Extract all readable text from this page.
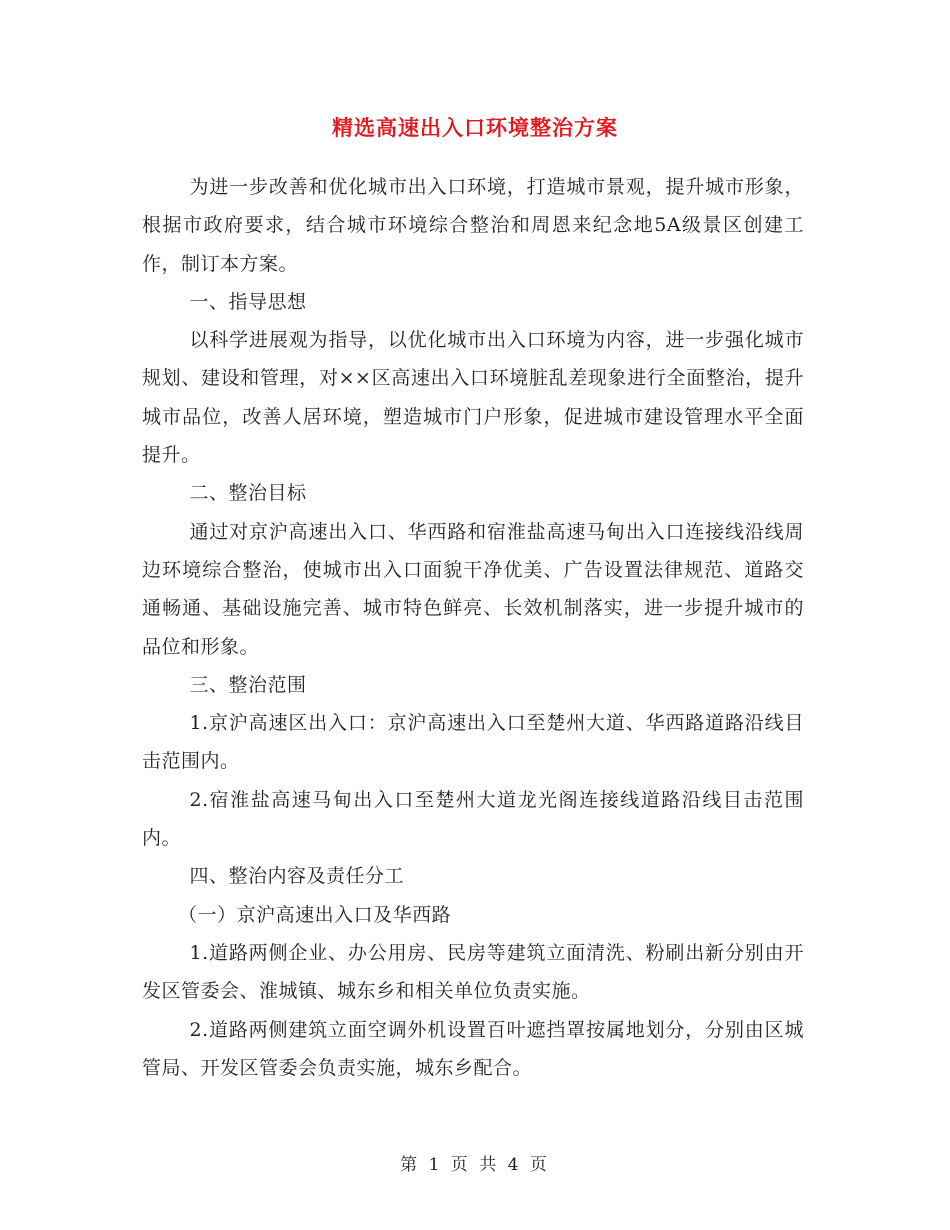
精选高速出入口环境整治方案

为进一步改善和优化城市出入口环境，打造城市景观，提升城市形象，根据市政府要求，结合城市环境综合整治和周恩来纪念地5A级景区创建工作，制订本方案。

一、指导思想

以科学进展观为指导，以优化城市出入口环境为内容，进一步强化城市规划、建设和管理，对××区高速出入口环境脏乱差现象进行全面整治，提升城市品位，改善人居环境，塑造城市门户形象，促进城市建设管理水平全面提升。

二、整治目标

通过对京沪高速出入口、华西路和宿淮盐高速马甸出入口连接线沿线周边环境综合整治，使城市出入口面貌干净优美、广告设置法律规范、道路交通畅通、基础设施完善、城市特色鲜亮、长效机制落实，进一步提升城市的品位和形象。

三、整治范围

1.京沪高速区出入口：京沪高速出入口至楚州大道、华西路道路沿线目击范围内。

2.宿淮盐高速马甸出入口至楚州大道龙光阁连接线道路沿线目击范围内。

四、整治内容及责任分工

（一）京沪高速出入口及华西路

1.道路两侧企业、办公用房、民房等建筑立面清洗、粉刷出新分别由开发区管委会、淮城镇、城东乡和相关单位负责实施。

2.道路两侧建筑立面空调外机设置百叶遮挡罩按属地划分，分别由区城管局、开发区管委会负责实施，城东乡配合。

第 1 页 共 4 页
